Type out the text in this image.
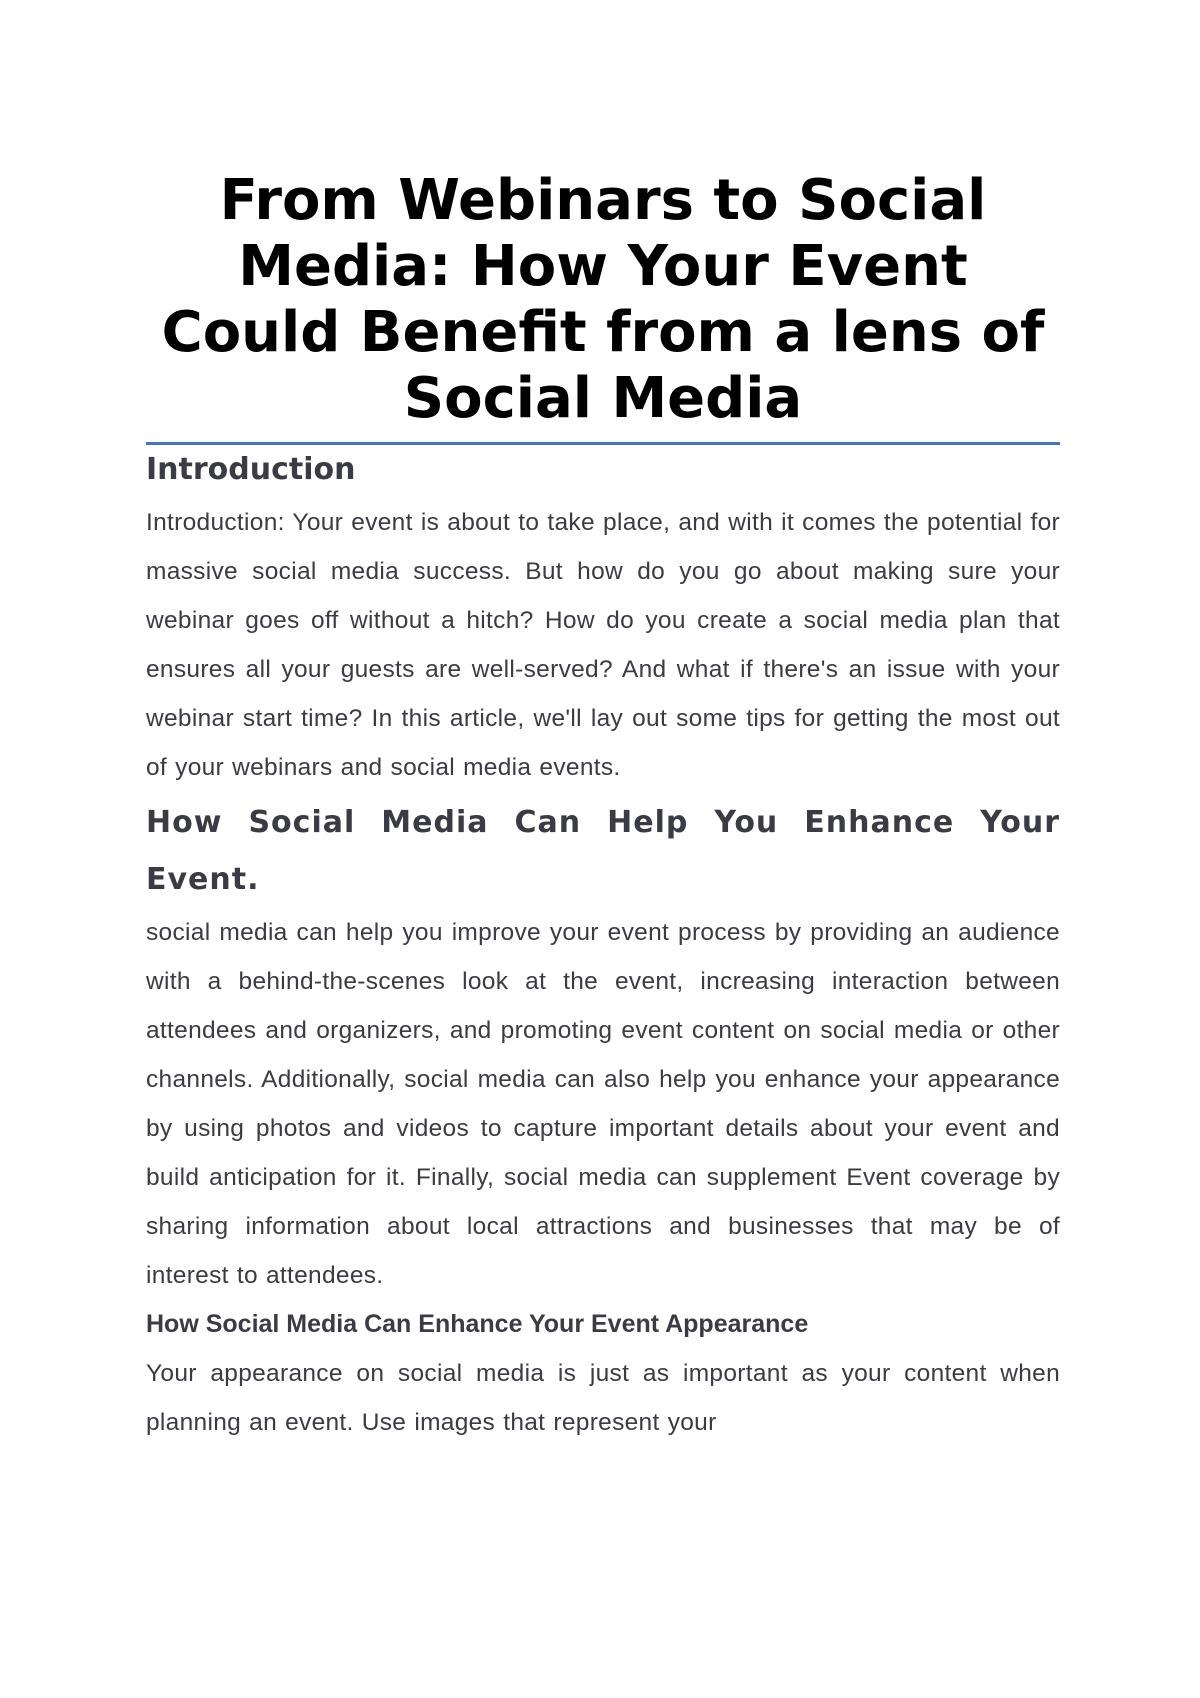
From Webinars to Social Media: How Your Event Could Benefit from a lens of Social Media
Introduction

Introduction: Your event is about to take place, and with it comes the potential for massive social media success. But how do you go about making sure your webinar goes off without a hitch? How do you create a social media plan that ensures all your guests are well-served? And what if there's an issue with your webinar start time? In this article, we'll lay out some tips for getting the most out of your webinars and social media events.

How Social Media Can Help You Enhance Your Event.

social media can help you improve your event process by providing an audience with a behind-the-scenes look at the event, increasing interaction between attendees and organizers, and promoting event content on social media or other channels. Additionally, social media can also help you enhance your appearance by using photos and videos to capture important details about your event and build anticipation for it. Finally, social media can supplement Event coverage by sharing information about local attractions and businesses that may be of interest to attendees.

How Social Media Can Enhance Your Event Appearance

Your appearance on social media is just as important as your content when planning an event. Use images that represent your
